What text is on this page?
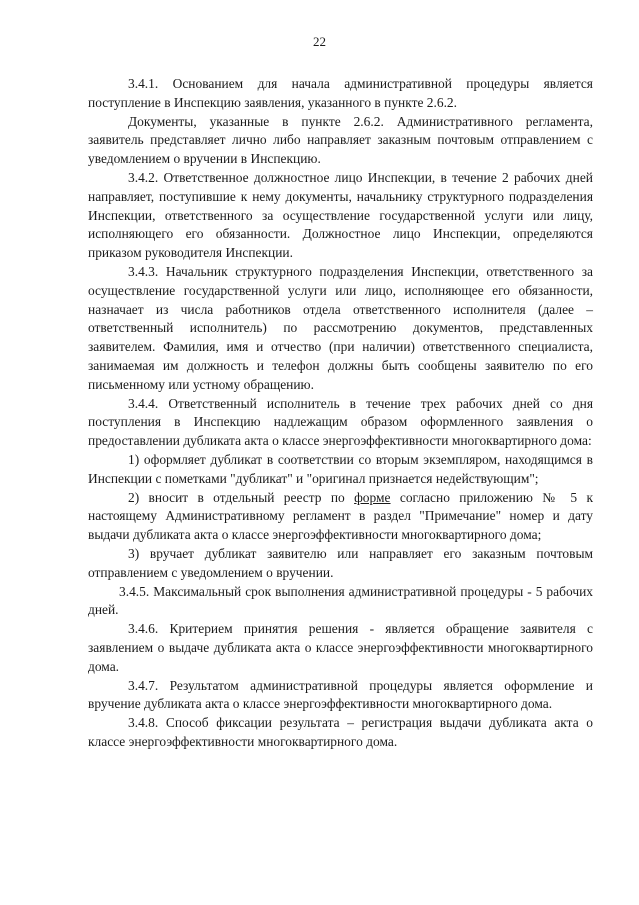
22

3.4.1. Основанием для начала административной процедуры является поступление в Инспекцию заявления, указанного в пункте 2.6.2.

Документы, указанные в пункте 2.6.2. Административного регламента, заявитель представляет лично либо направляет заказным почтовым отправлением с уведомлением о вручении в Инспекцию.

3.4.2. Ответственное должностное лицо Инспекции, в течение 2 рабочих дней направляет, поступившие к нему документы, начальнику структурного подразделения Инспекции, ответственного за осуществление государственной услуги или лицу, исполняющего его обязанности. Должностное лицо Инспекции, определяются приказом руководителя Инспекции.

3.4.3. Начальник структурного подразделения Инспекции, ответственного за осуществление государственной услуги или лицо, исполняющее его обязанности, назначает из числа работников отдела ответственного исполнителя (далее – ответственный исполнитель) по рассмотрению документов, представленных заявителем. Фамилия, имя и отчество (при наличии) ответственного специалиста, занимаемая им должность и телефон должны быть сообщены заявителю по его письменному или устному обращению.

3.4.4. Ответственный исполнитель в течение трех рабочих дней со дня поступления в Инспекцию надлежащим образом оформленного заявления о предоставлении дубликата акта о классе энергоэффективности многоквартирного дома:

1) оформляет дубликат в соответствии со вторым экземпляром, находящимся в Инспекции с пометками "дубликат" и "оригинал признается недействующим";

2) вносит в отдельный реестр по форме согласно приложению № 5 к настоящему Административному регламент в раздел "Примечание" номер и дату выдачи дубликата акта о классе энергоэффективности многоквартирного дома;

3) вручает дубликат заявителю или направляет его заказным почтовым отправлением с уведомлением о вручении.

3.4.5. Максимальный срок выполнения административной процедуры - 5 рабочих дней.

3.4.6. Критерием принятия решения - является обращение заявителя с заявлением о выдаче дубликата акта о классе энергоэффективности многоквартирного дома.

3.4.7. Результатом административной процедуры является оформление и вручение дубликата акта о классе энергоэффективности многоквартирного дома.

3.4.8. Способ фиксации результата – регистрация выдачи дубликата акта о классе энергоэффективности многоквартирного дома.
